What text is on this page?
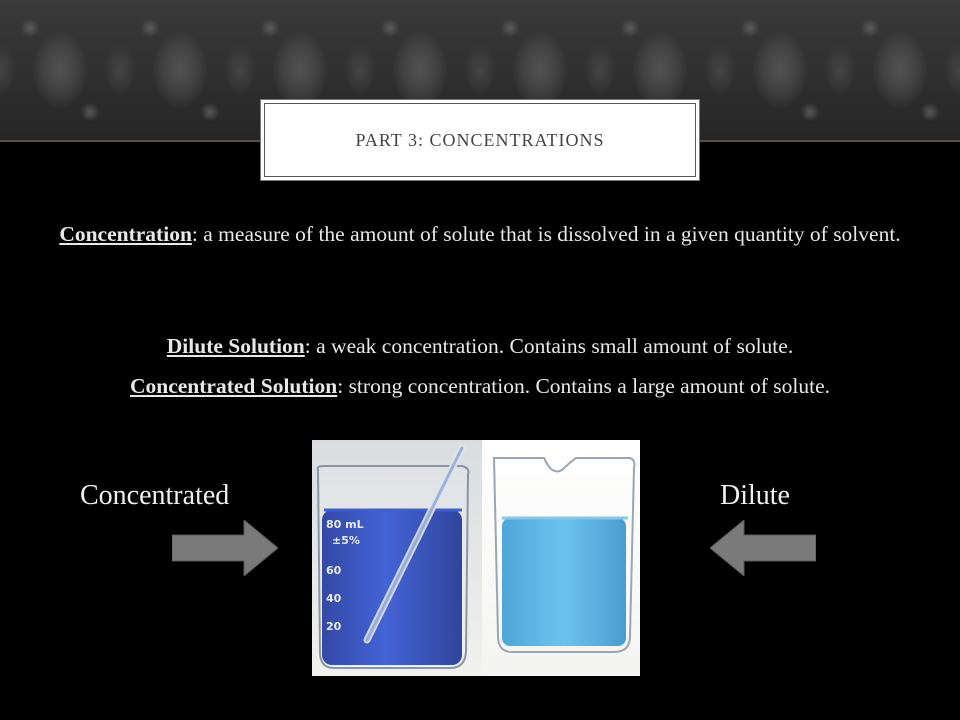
PART 3: CONCENTRATIONS
Concentration: a measure of the amount of solute that is dissolved in a given quantity of solvent.
Dilute Solution: a weak concentration. Contains small amount of solute.
Concentrated Solution: strong concentration. Contains a large amount of solute.
Concentrated	Dilute
80 mL
±5%
60
40
20
